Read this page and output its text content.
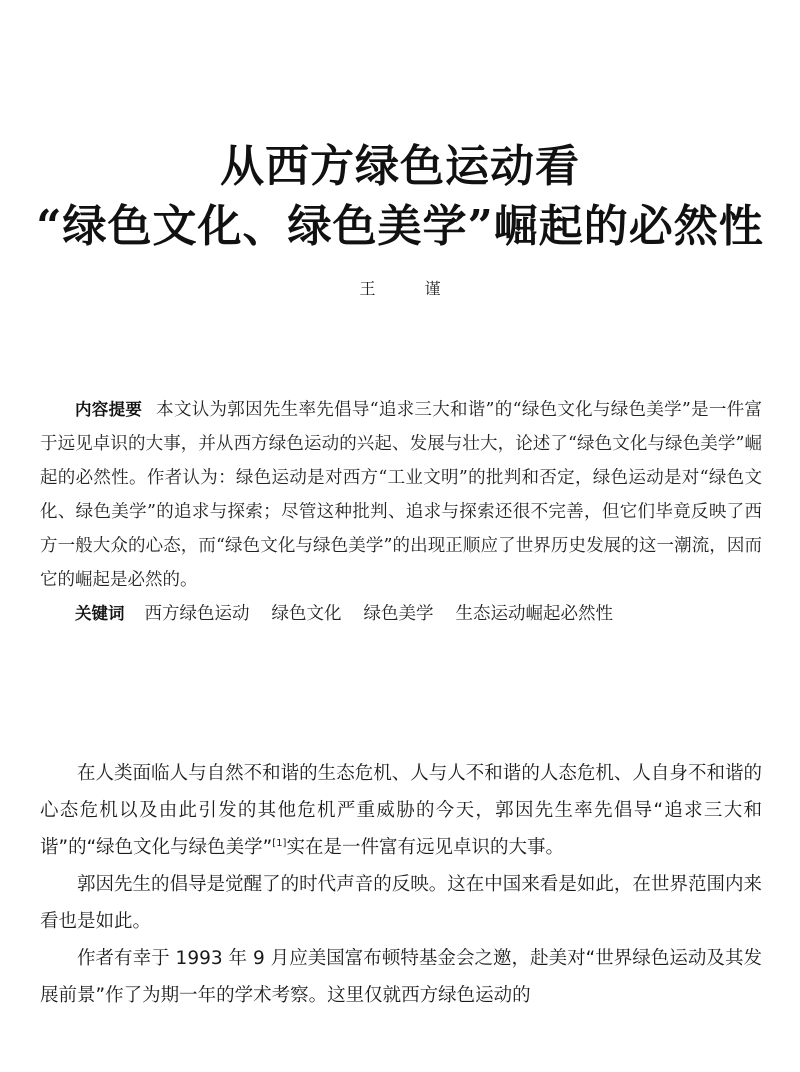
从西方绿色运动看
“绿色文化、绿色美学”崛起的必然性
王 谨

内容提要 本文认为郭因先生率先倡导“追求三大和谐”的“绿色文化与绿色美学”是一件富于远见卓识的大事，并从西方绿色运动的兴起、发展与壮大，论述了“绿色文化与绿色美学”崛起的必然性。作者认为：绿色运动是对西方“工业文明”的批判和否定，绿色运动是对“绿色文化、绿色美学”的追求与探索；尽管这种批判、追求与探索还很不完善，但它们毕竟反映了西方一般大众的心态，而“绿色文化与绿色美学”的出现正顺应了世界历史发展的这一潮流，因而它的崛起是必然的。

关键词 西方绿色运动 绿色文化 绿色美学 生态运动崛起必然性

在人类面临人与自然不和谐的生态危机、人与人不和谐的人态危机、人自身不和谐的心态危机以及由此引发的其他危机严重威胁的今天，郭因先生率先倡导“追求三大和谐”的“绿色文化与绿色美学”[1]实在是一件富有远见卓识的大事。

郭因先生的倡导是觉醒了的时代声音的反映。这在中国来看是如此，在世界范围内来看也是如此。

作者有幸于 1993 年 9 月应美国富布顿特基金会之邀，赴美对“世界绿色运动及其发展前景”作了为期一年的学术考察。这里仅就西方绿色运动的
